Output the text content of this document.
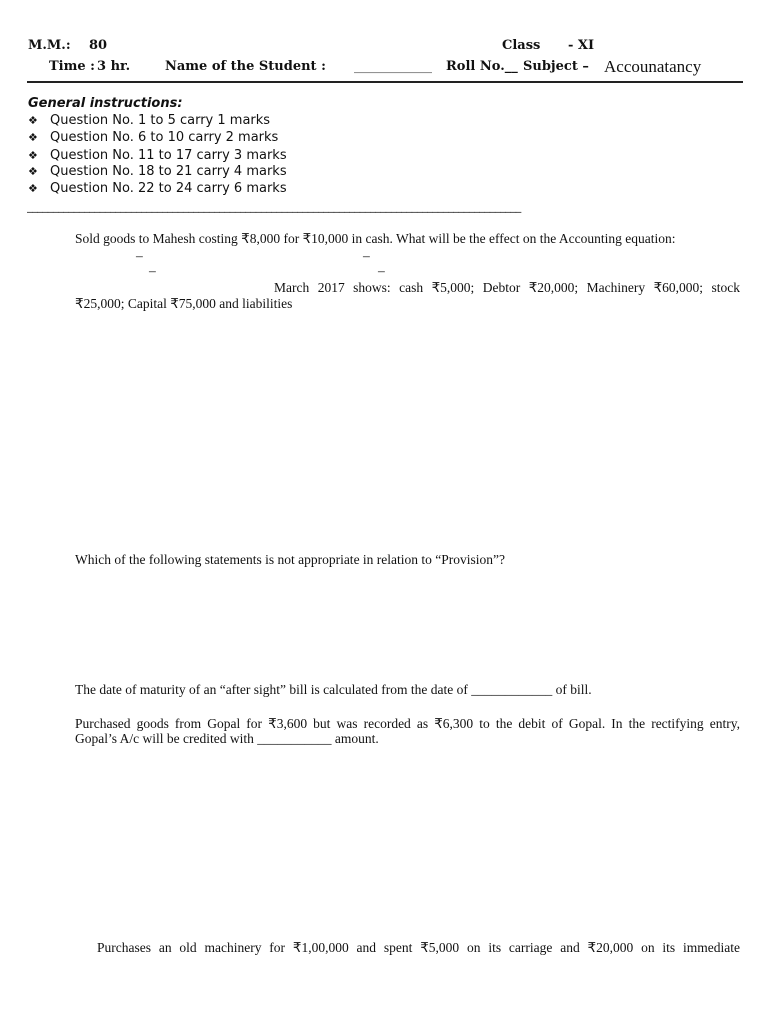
M.M.: 80	Class - XI
Time : 3 hr.	Name of the Student : ____________ Roll No.__ Subject – Accounatancy
General instructions:
❖ Question No. 1 to 5 carry 1 marks
❖ Question No. 6 to 10 carry 2 marks
❖ Question No. 11 to 17 carry 3 marks
❖ Question No. 18 to 21 carry 4 marks
❖ Question No. 22 to 24 carry 6 marks
_______________________________________________________________________________________________
Sold goods to Mahesh costing ₹8,000 for ₹10,000 in cash. What will be the effect on the Accounting equation:
–	–
–	–
March 2017 shows: cash ₹5,000; Debtor ₹20,000; Machinery ₹60,000; stock
₹25,000; Capital ₹75,000 and liabilities
Which of the following statements is not appropriate in relation to “Provision”?
The date of maturity of an “after sight” bill is calculated from the date of ____________ of bill.
Purchased goods from Gopal for ₹3,600 but was recorded as ₹6,300 to the debit of Gopal. In the rectifying entry,
Gopal’s A/c will be credited with ___________ amount.
Purchases an old machinery for ₹1,00,000 and spent ₹5,000 on its carriage and ₹20,000 on its immediate
